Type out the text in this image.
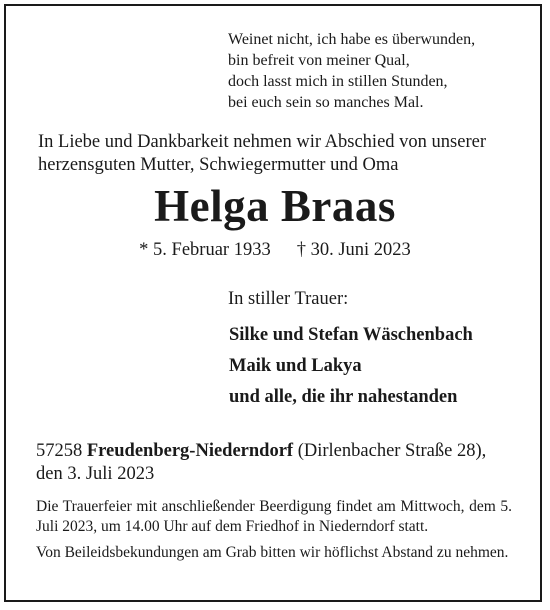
Weinet nicht, ich habe es überwunden,
bin befreit von meiner Qual,
doch lasst mich in stillen Stunden,
bei euch sein so manches Mal.
In Liebe und Dankbarkeit nehmen wir Abschied von unserer
herzensguten Mutter, Schwiegermutter und Oma
Helga Braas
* 5. Februar 1933 † 30. Juni 2023
In stiller Trauer:
Silke und Stefan Wäschenbach
Maik und Lakya
und alle, die ihr nahestanden
57258 Freudenberg-Niederndorf (Dirlenbacher Straße 28),
den 3. Juli 2023

Die Trauerfeier mit anschließender Beerdigung findet am Mittwoch, dem 5. Juli 2023, um 14.00 Uhr auf dem Friedhof in Niederndorf statt.

Von Beileidsbekundungen am Grab bitten wir höflichst Abstand zu nehmen.
